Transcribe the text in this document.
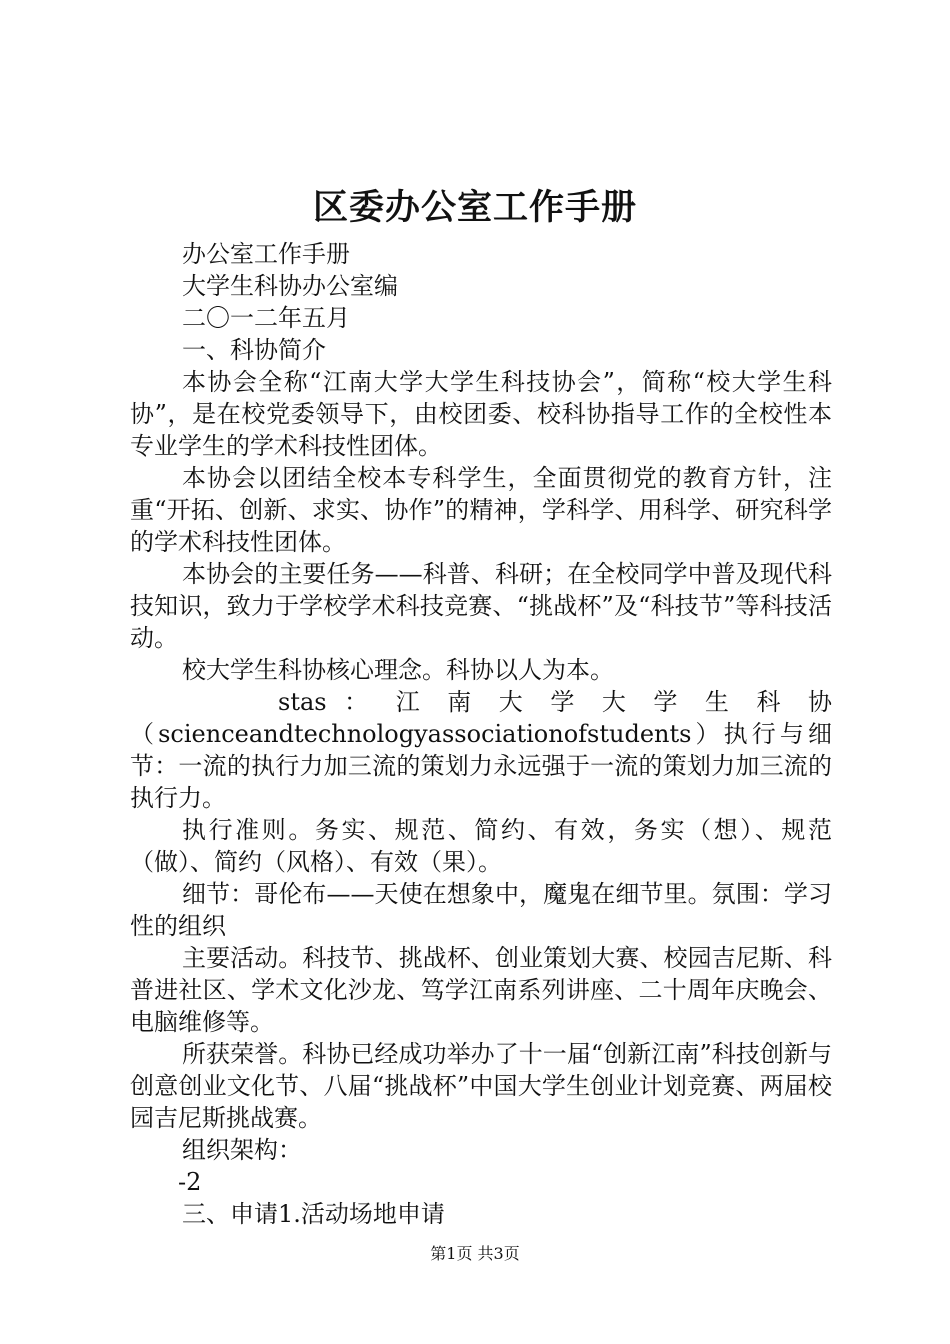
区委办公室工作手册

办公室工作手册

大学生科协办公室编

二〇一二年五月

一、科协简介

本协会全称“江南大学大学生科技协会”，简称“校大学生科协”，是在校党委领导下，由校团委、校科协指导工作的全校性本专业学生的学术科技性团体。

本协会以团结全校本专科学生，全面贯彻党的教育方针，注重“开拓、创新、求实、协作”的精神，学科学、用科学、研究科学的学术科技性团体。

本协会的主要任务——科普、科研；在全校同学中普及现代科技知识，致力于学校学术科技竞赛、“挑战杯”及“科技节”等科技活动。

校大学生科协核心理念。科协以人为本。

stas ： 江 南 大 学 大 学 生 科 协

（scienceandtechnologyassociationofstudents）执行与细节：一流的执行力加三流的策划力永远强于一流的策划力加三流的执行力。

执行准则。务实、规范、简约、有效，务实（想）、规范（做）、简约（风格）、有效（果）。

细节：哥伦布——天使在想象中，魔鬼在细节里。氛围：学习性的组织

主要活动。科技节、挑战杯、创业策划大赛、校园吉尼斯、科普进社区、学术文化沙龙、笃学江南系列讲座、二十周年庆晚会、电脑维修等。

所获荣誉。科协已经成功举办了十一届“创新江南”科技创新与创意创业文化节、八届“挑战杯”中国大学生创业计划竞赛、两届校园吉尼斯挑战赛。

组织架构：

-2

三、申请1.活动场地申请

第1页 共3页
